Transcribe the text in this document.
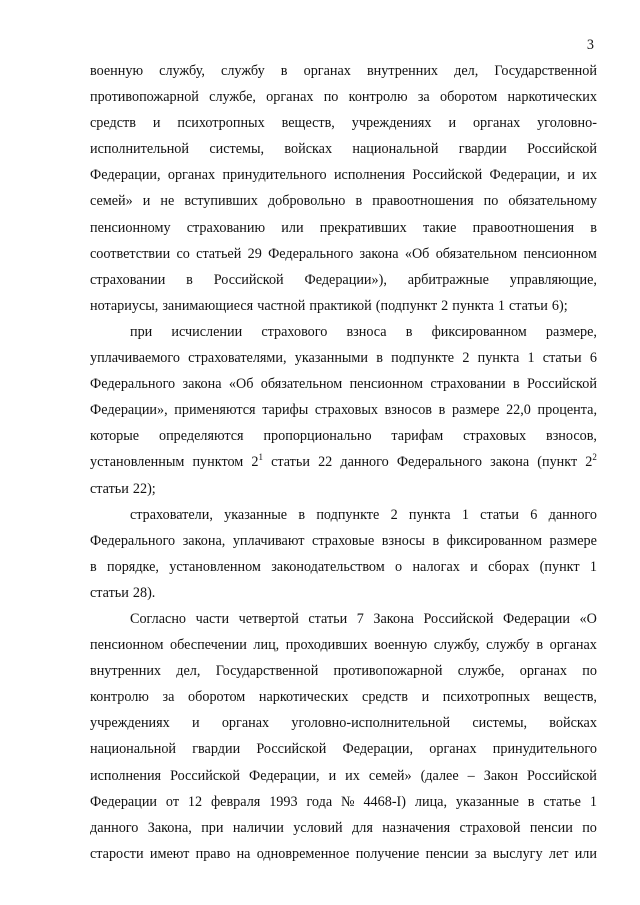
3
военную службу, службу в органах внутренних дел, Государственной
противопожарной службе, органах по контролю за оборотом наркотических
средств и психотропных веществ, учреждениях и органах уголовно-
исполнительной системы, войсках национальной гвардии Российской
Федерации, органах принудительного исполнения Российской Федерации, и их
семей» и не вступивших добровольно в правоотношения по обязательному
пенсионному страхованию или прекративших такие правоотношения в
соответствии со статьей 29 Федерального закона «Об обязательном пенсионном
страховании в Российской Федерации»), арбитражные управляющие,
нотариусы, занимающиеся частной практикой (подпункт 2 пункта 1 статьи 6);
при исчислении страхового взноса в фиксированном размере,
уплачиваемого страхователями, указанными в подпункте 2 пункта 1 статьи 6
Федерального закона «Об обязательном пенсионном страховании в Российской
Федерации», применяются тарифы страховых взносов в размере 22,0 процента,
которые определяются пропорционально тарифам страховых взносов,
установленным пунктом $2^1$ статьи 22 данного Федерального закона (пункт $2^2$
статьи 22);
страхователи, указанные в подпункте 2 пункта 1 статьи 6 данного
Федерального закона, уплачивают страховые взносы в фиксированном размере
в порядке, установленном законодательством о налогах и сборах (пункт 1
статьи 28).
Согласно части четвертой статьи 7 Закона Российской Федерации «О
пенсионном обеспечении лиц, проходивших военную службу, службу в органах
внутренних дел, Государственной противопожарной службе, органах по
контролю за оборотом наркотических средств и психотропных веществ,
учреждениях и органах уголовно-исполнительной системы, войсках
национальной гвардии Российской Федерации, органах принудительного
исполнения Российской Федерации, и их семей» (далее – Закон Российской
Федерации от 12 февраля 1993 года № 4468-I) лица, указанные в статье 1
данного Закона, при наличии условий для назначения страховой пенсии по
старости имеют право на одновременное получение пенсии за выслугу лет или
